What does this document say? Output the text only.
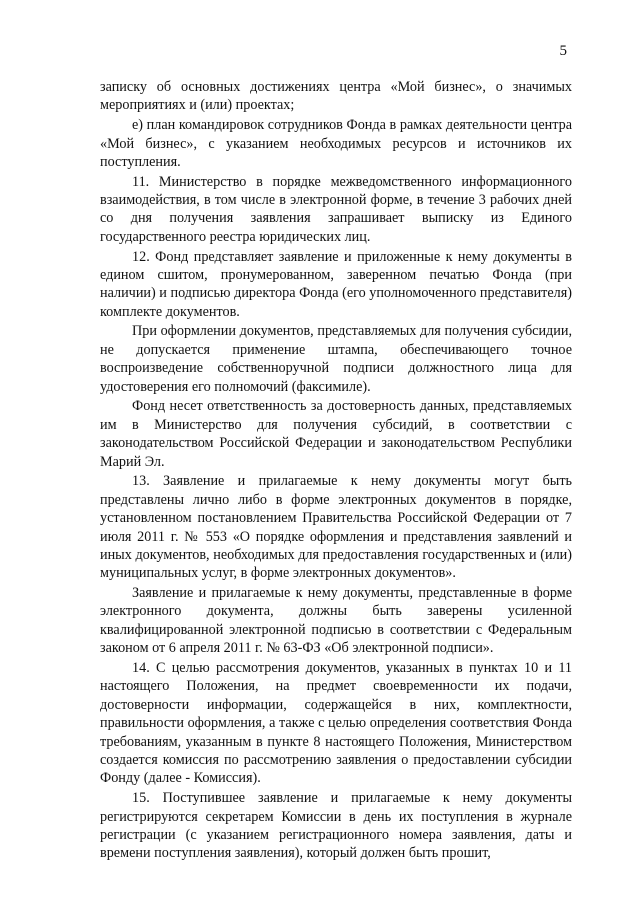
5

записку об основных достижениях центра «Мой бизнес», о значимых мероприятиях и (или) проектах;

е) план командировок сотрудников Фонда в рамках деятельности центра «Мой бизнес», с указанием необходимых ресурсов и источников их поступления.

11. Министерство в порядке межведомственного информационного взаимодействия, в том числе в электронной форме, в течение 3 рабочих дней со дня получения заявления запрашивает выписку из Единого государственного реестра юридических лиц.

12. Фонд представляет заявление и приложенные к нему документы в едином сшитом, пронумерованном, заверенном печатью Фонда (при наличии) и подписью директора Фонда (его уполномоченного представителя) комплекте документов.

При оформлении документов, представляемых для получения субсидии, не допускается применение штампа, обеспечивающего точное воспроизведение собственноручной подписи должностного лица для удостоверения его полномочий (факсимиле).

Фонд несет ответственность за достоверность данных, представляемых им в Министерство для получения субсидий, в соответствии с законодательством Российской Федерации и законодательством Республики Марий Эл.

13. Заявление и прилагаемые к нему документы могут быть представлены лично либо в форме электронных документов в порядке, установленном постановлением Правительства Российской Федерации от 7 июля 2011 г. № 553 «О порядке оформления и представления заявлений и иных документов, необходимых для предоставления государственных и (или) муниципальных услуг, в форме электронных документов».

Заявление и прилагаемые к нему документы, представленные в форме электронного документа, должны быть заверены усиленной квалифицированной электронной подписью в соответствии с Федеральным законом от 6 апреля 2011 г. № 63-ФЗ «Об электронной подписи».

14. С целью рассмотрения документов, указанных в пунктах 10 и 11 настоящего Положения, на предмет своевременности их подачи, достоверности информации, содержащейся в них, комплектности, правильности оформления, а также с целью определения соответствия Фонда требованиям, указанным в пункте 8 настоящего Положения, Министерством создается комиссия по рассмотрению заявления о предоставлении субсидии Фонду (далее - Комиссия).

15. Поступившее заявление и прилагаемые к нему документы регистрируются секретарем Комиссии в день их поступления в журнале регистрации (с указанием регистрационного номера заявления, даты и времени поступления заявления), который должен быть прошит,
